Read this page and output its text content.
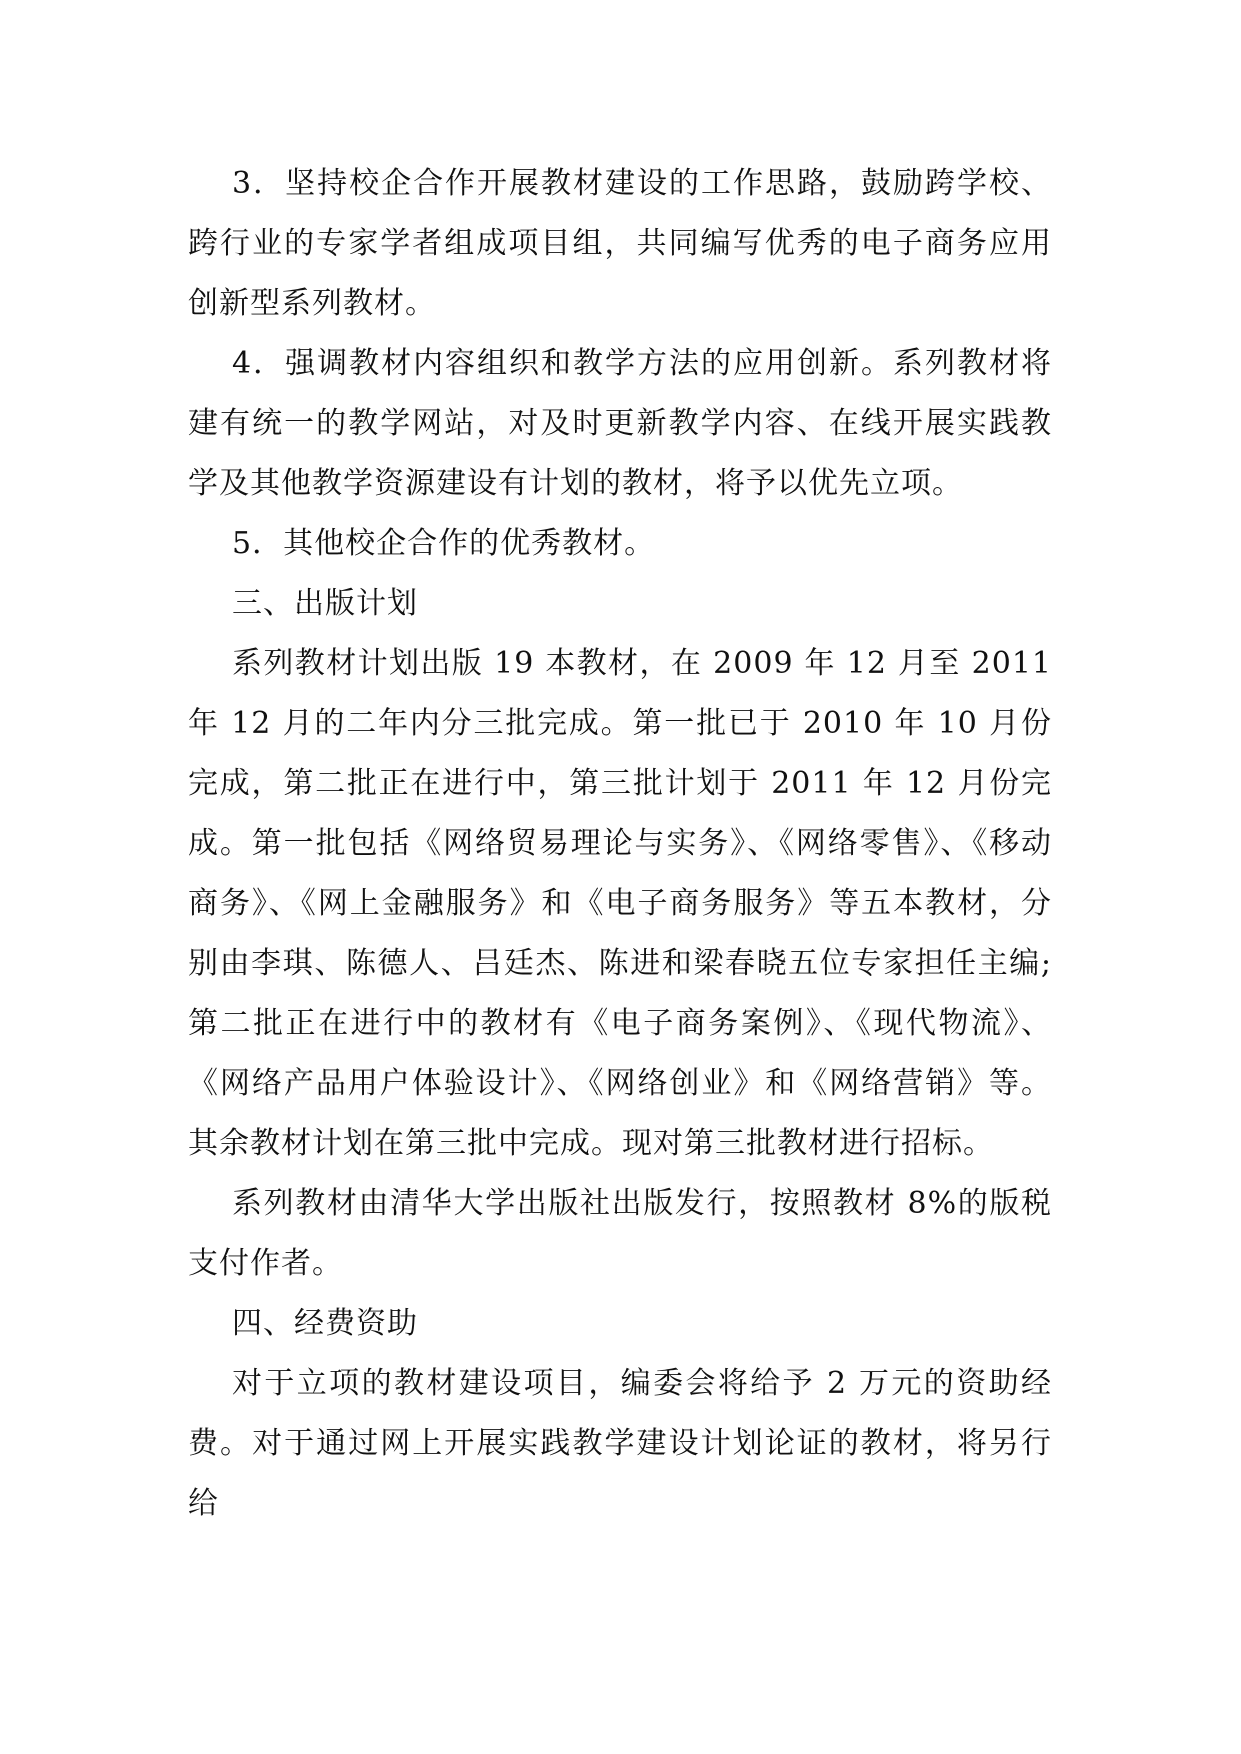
3．坚持校企合作开展教材建设的工作思路，鼓励跨学校、跨行业的专家学者组成项目组，共同编写优秀的电子商务应用创新型系列教材。

4．强调教材内容组织和教学方法的应用创新。系列教材将建有统一的教学网站，对及时更新教学内容、在线开展实践教学及其他教学资源建设有计划的教材，将予以优先立项。

5．其他校企合作的优秀教材。

三、出版计划

系列教材计划出版 19 本教材，在 2009 年 12 月至 2011 年 12 月的二年内分三批完成。第一批已于 2010 年 10 月份完成，第二批正在进行中，第三批计划于 2011 年 12 月份完成。第一批包括《网络贸易理论与实务》、《网络零售》、《移动商务》、《网上金融服务》和《电子商务服务》等五本教材，分别由李琪、陈德人、吕廷杰、陈进和梁春晓五位专家担任主编; 第二批正在进行中的教材有《电子商务案例》、《现代物流》、《网络产品用户体验设计》、《网络创业》和《网络营销》等。其余教材计划在第三批中完成。现对第三批教材进行招标。

系列教材由清华大学出版社出版发行，按照教材 8%的版税支付作者。

四、经费资助

对于立项的教材建设项目，编委会将给予 2 万元的资助经费。对于通过网上开展实践教学建设计划论证的教材，将另行给
